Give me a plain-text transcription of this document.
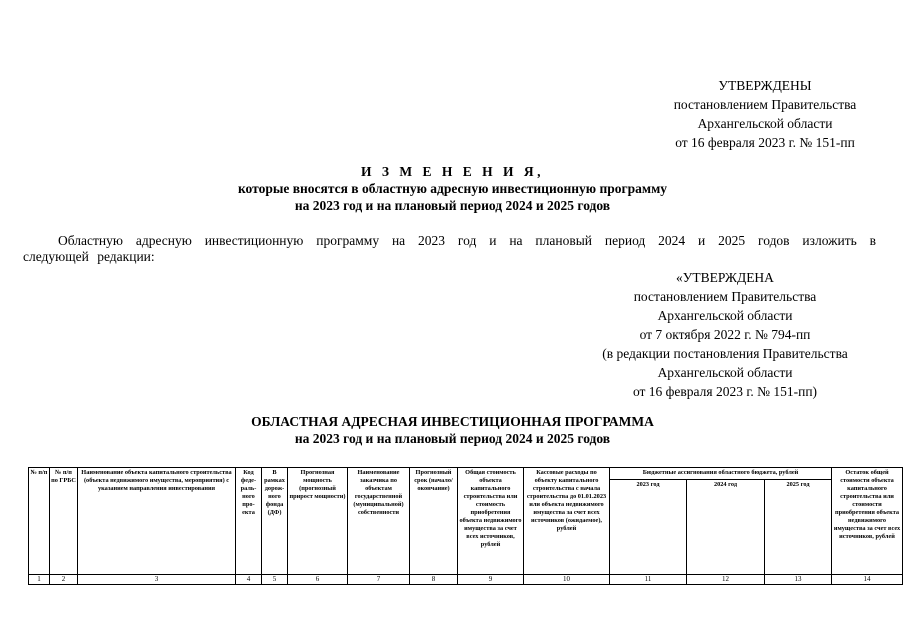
УТВЕРЖДЕНЫ
постановлением Правительства
Архангельской области
от 16 февраля 2023 г. № 151-пп
И З М Е Н Е Н И Я,
которые вносятся в областную адресную инвестиционную программу
на 2023 год и на плановый период 2024 и 2025 годов
Областную адресную инвестиционную программу на 2023 год и на плановый период 2024 и 2025 годов изложить в следующей редакции:
«УТВЕРЖДЕНА
постановлением Правительства
Архангельской области
от 7 октября 2022 г. № 794-пп
(в редакции постановления Правительства
Архангельской области
от 16 февраля 2023 г. № 151-пп)
ОБЛАСТНАЯ АДРЕСНАЯ ИНВЕСТИЦИОННАЯ ПРОГРАММА
на 2023 год и на плановый период 2024 и 2025 годов
№ п/п	№ п/п по ГРБС	Наименование объекта капитального строительства (объекта недвижимого имущества, мероприятия) с указанием направления инвестирования	Код феде- раль- ного про- екта	В рамках дорож- ного фонда (ДФ)	Прогнозная мощность (прогнозный прирост мощности)	Наименование заказчика по объектам государственной (муниципальной) собственности	Прогнозный срок (начало/ окончание)	Общая стоимость объекта капитального строительства или стоимость приобретения объекта недвижимого имущества за счет всех источников, рублей	Кассовые расходы по объекту капитального строительства с начала строительства до 01.01.2023 или объекта недвижимого имущества за счет всех источников (ожидаемое), рублей	Бюджетные ассигнования областного бюджета, рублей			Остаток общей стоимости объекта капитального строительства или стоимости приобретения объекта недвижимого имущества за счет всех источников, рублей
										2023 год	2024 год	2025 год	
1	2	3	4	5	6	7	8	9	10	11	12	13	14
